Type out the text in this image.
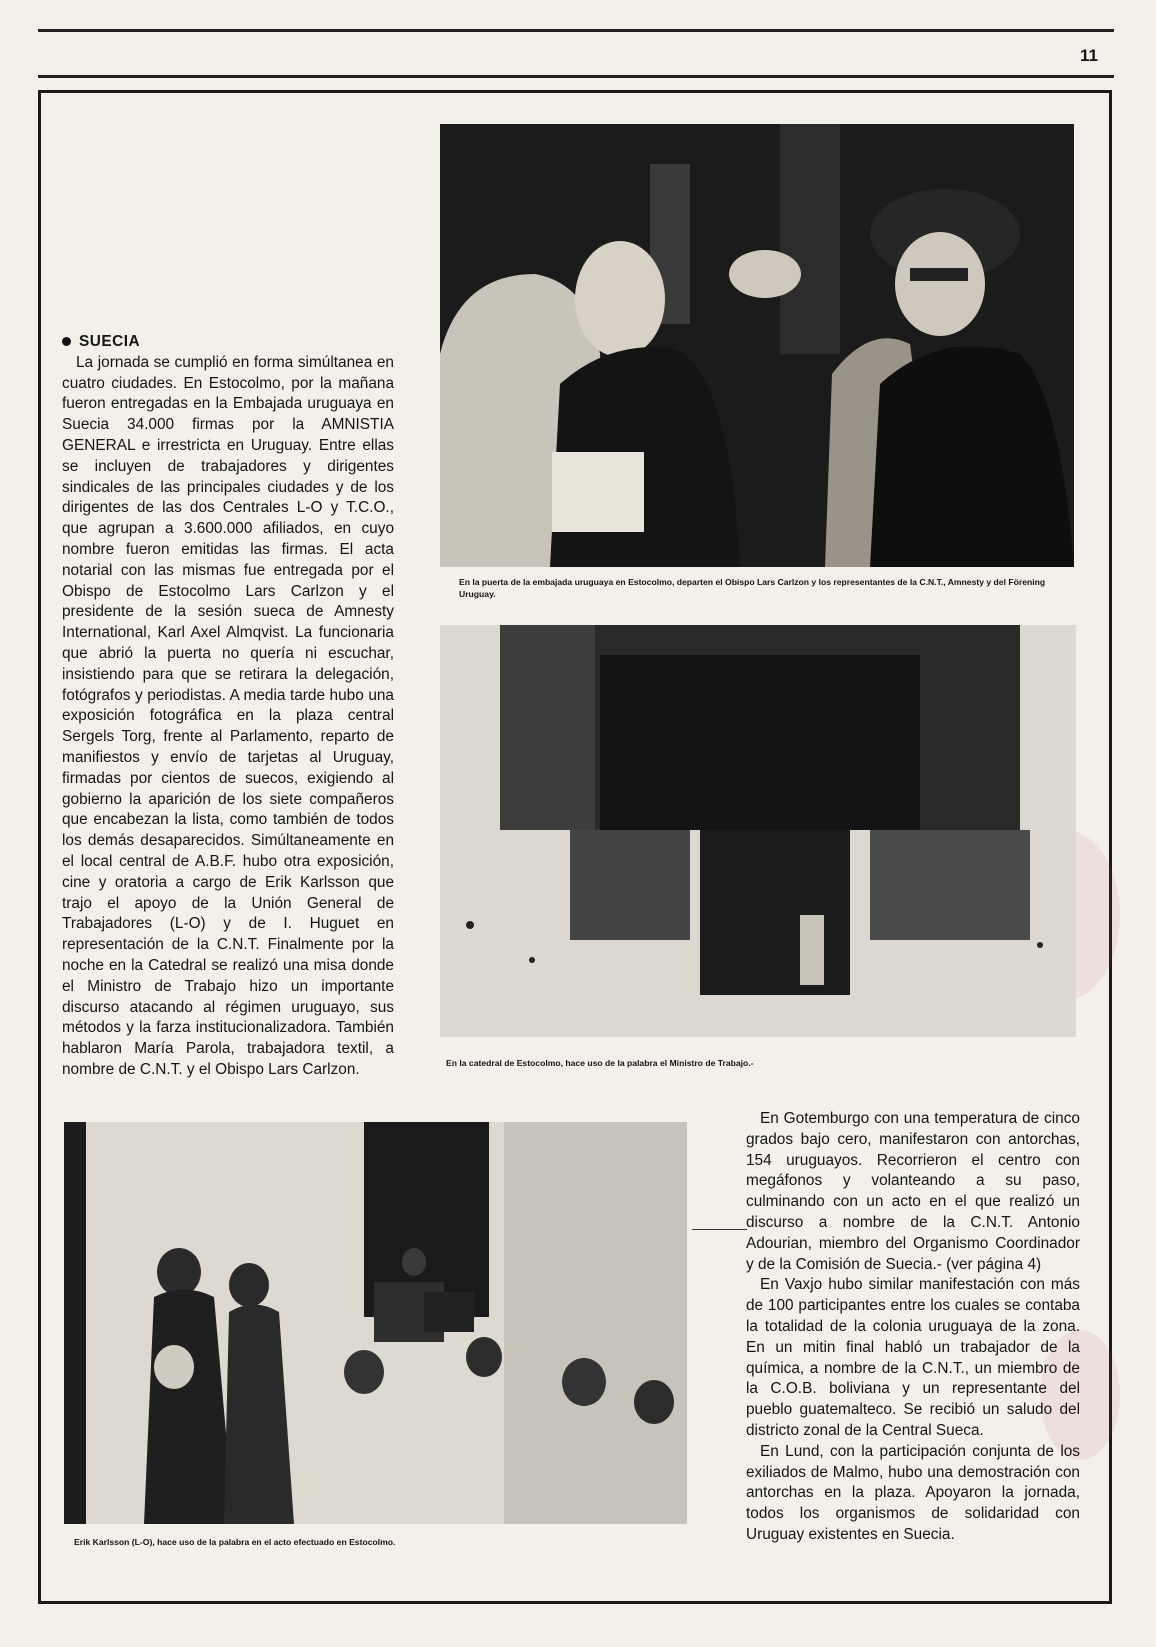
11
SUECIA

La jornada se cumplió en forma simúltanea en cuatro ciudades. En Estocolmo, por la mañana fueron entregadas en la Embajada uruguaya en Suecia 34.000 firmas por la AMNISTIA GENERAL e irrestricta en Uruguay. Entre ellas se incluyen de trabajadores y dirigentes sindicales de las principales ciudades y de los dirigentes de las dos Centrales L-O y T.C.O., que agrupan a 3.600.000 afiliados, en cuyo nombre fueron emitidas las firmas. El acta notarial con las mismas fue entregada por el Obispo de Estocolmo Lars Carlzon y el presidente de la sesión sueca de Amnesty International, Karl Axel Almqvist. La funcionaria que abrió la puerta no quería ni escuchar, insistiendo para que se retirara la delegación, fotógrafos y periodistas. A media tarde hubo una exposición fotográfica en la plaza central Sergels Torg, frente al Parlamento, reparto de manifiestos y envío de tarjetas al Uruguay, firmadas por cientos de suecos, exigiendo al gobierno la aparición de los siete compañeros que encabezan la lista, como también de todos los demás desaparecidos. Simúltaneamente en el local central de A.B.F. hubo otra exposición, cine y oratoria a cargo de Erik Karlsson que trajo el apoyo de la Unión General de Trabajadores (L-O) y de I. Huguet en representación de la C.N.T. Finalmente por la noche en la Catedral se realizó una misa donde el Ministro de Trabajo hizo un importante discurso atacando al régimen uruguayo, sus métodos y la farza institucionalizadora. También hablaron María Parola, trabajadora textil, a nombre de C.N.T. y el Obispo Lars Carlzon.

En la puerta de la embajada uruguaya en Estocolmo, departen el Obispo Lars Carlzon y los representantes de la C.N.T., Amnesty y del Förening Uruguay.

En la catedral de Estocolmo, hace uso de la palabra el Ministro de Trabajo.-

Erik Karlsson (L-O), hace uso de la palabra en el acto efectuado en Estocolmo.

En Gotemburgo con una temperatura de cinco grados bajo cero, manifestaron con antorchas, 154 uruguayos. Recorrieron el centro con megáfonos y volanteando a su paso, culminando con un acto en el que realizó un discurso a nombre de la C.N.T. Antonio Adourian, miembro del Organismo Coordinador y de la Comisión de Suecia.- (ver página 4)

En Vaxjo hubo similar manifestación con más de 100 participantes entre los cuales se contaba la totalidad de la colonia uruguaya de la zona. En un mitin final habló un trabajador de la química, a nombre de la C.N.T., un miembro de la C.O.B. boliviana y un representante del pueblo guatemalteco. Se recibió un saludo del districto zonal de la Central Sueca.

En Lund, con la participación conjunta de los exiliados de Malmo, hubo una demostración con antorchas en la plaza. Apoyaron la jornada, todos los organismos de solidaridad con Uruguay existentes en Suecia.
